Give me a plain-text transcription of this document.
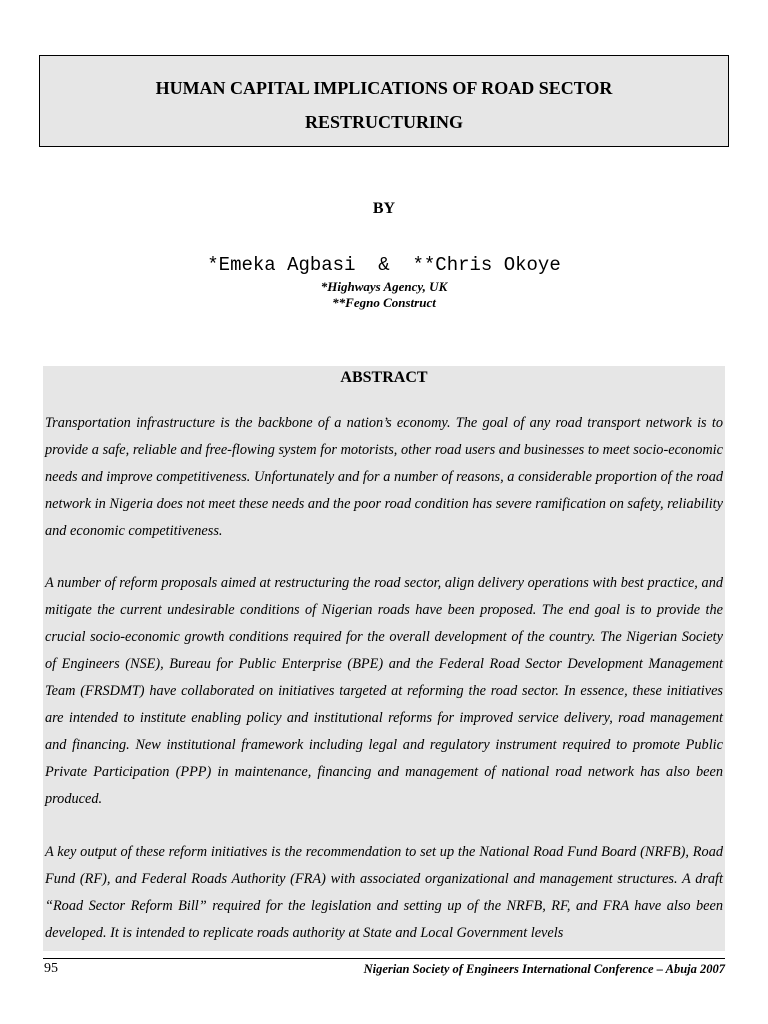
HUMAN CAPITAL IMPLICATIONS OF ROAD SECTOR
RESTRUCTURING
BY
*Emeka Agbasi  &  **Chris Okoye
*Highways Agency, UK
**Fegno Construct
ABSTRACT

Transportation infrastructure is the backbone of a nation’s economy. The goal of any road transport network is to provide a safe, reliable and free-flowing system for motorists, other road users and businesses to meet socio-economic needs and improve competitiveness. Unfortunately and for a number of reasons, a considerable proportion of the road network in Nigeria does not meet these needs and the poor road condition has severe ramification on safety, reliability and economic competitiveness.

A number of reform proposals aimed at restructuring the road sector, align delivery operations with best practice, and mitigate the current undesirable conditions of Nigerian roads have been proposed. The end goal is to provide the crucial socio-economic growth conditions required for the overall development of the country. The Nigerian Society of Engineers (NSE), Bureau for Public Enterprise (BPE) and the Federal Road Sector Development Management Team (FRSDMT) have collaborated on initiatives targeted at reforming the road sector. In essence, these initiatives are intended to institute enabling policy and institutional reforms for improved service delivery, road management and financing. New institutional framework including legal and regulatory instrument required to promote Public Private Participation (PPP) in maintenance, financing and management of national road network has also been produced.

A key output of these reform initiatives is the recommendation to set up the National Road Fund Board (NRFB), Road Fund (RF), and Federal Roads Authority (FRA) with associated organizational and management structures. A draft “Road Sector Reform Bill” required for the legislation and setting up of the NRFB, RF, and FRA have also been developed. It is intended to replicate roads authority at State and Local Government levels

95	Nigerian Society of Engineers International Conference – Abuja 2007
